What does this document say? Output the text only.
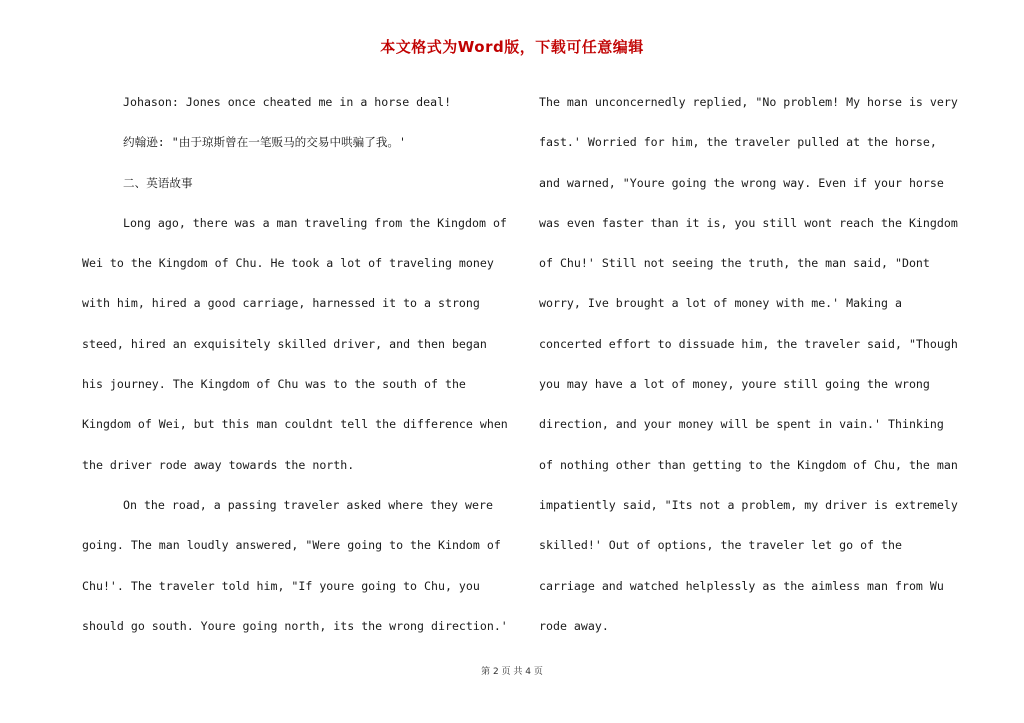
本文格式为Word版，下载可任意编辑
Johason: Jones once cheated me in a horse deal!
约翰逊: "由于琼斯曾在一笔贩马的交易中哄骗了我。'
二、英语故事
Long ago, there was a man traveling from the Kingdom of
Wei to the Kingdom of Chu. He took a lot of traveling money
with him, hired a good carriage, harnessed it to a strong
steed, hired an exquisitely skilled driver, and then began
his journey. The Kingdom of Chu was to the south of the
Kingdom of Wei, but this man couldnt tell the difference when
the driver rode away towards the north.
On the road, a passing traveler asked where they were
going. The man loudly answered, "Were going to the Kindom of
Chu!'. The traveler told him, "If youre going to Chu, you
should go south. Youre going north, its the wrong direction.'
The man unconcernedly replied, "No problem! My horse is very
fast.' Worried for him, the traveler pulled at the horse,
and warned, "Youre going the wrong way. Even if your horse
was even faster than it is, you still wont reach the Kingdom
of Chu!' Still not seeing the truth, the man said, "Dont
worry, Ive brought a lot of money with me.' Making a
concerted effort to dissuade him, the traveler said, "Though
you may have a lot of money, youre still going the wrong
direction, and your money will be spent in vain.' Thinking
of nothing other than getting to the Kingdom of Chu, the man
impatiently said, "Its not a problem, my driver is extremely
skilled!' Out of options, the traveler let go of the
carriage and watched helplessly as the aimless man from Wu
rode away.
第 2 页 共 4 页
